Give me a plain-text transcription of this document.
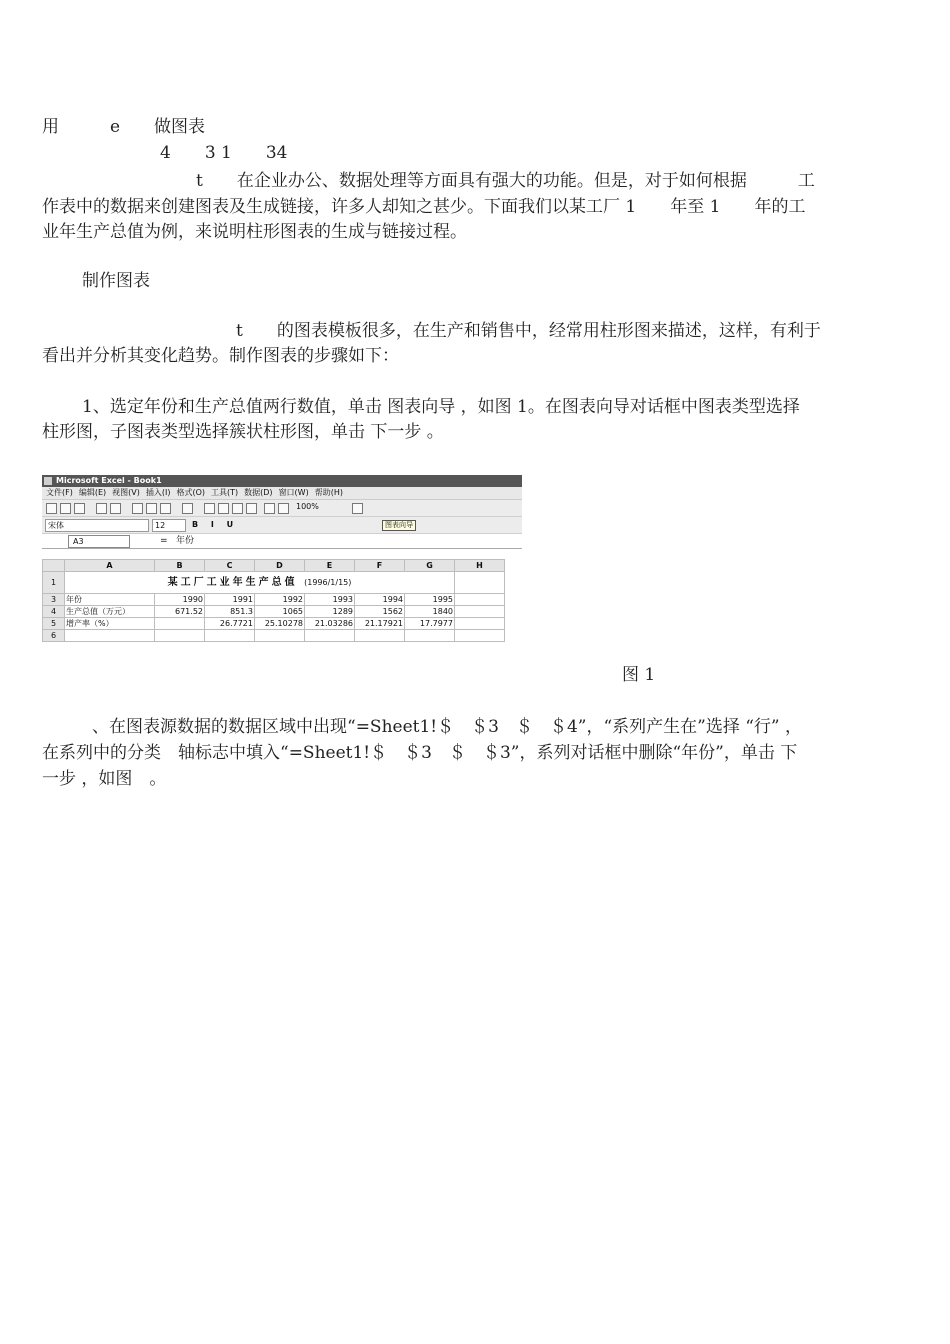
用　　　e　　做图表
4　　3 1　　34
t　　在企业办公、数据处理等方面具有强大的功能。但是，对于如何根据　　　工
作表中的数据来创建图表及生成链接，许多人却知之甚少。下面我们以某工厂 1　　年至 1　　年的工
业年生产总值为例，来说明柱形图表的生成与链接过程。
制作图表
t　　的图表模板很多，在生产和销售中，经常用柱形图来描述，这样，有利于
看出并分析其变化趋势。制作图表的步骤如下：
1、选定年份和生产总值两行数值，单击 图表向导 ，如图 1。在图表向导对话框中图表类型选择
柱形图，子图表类型选择簇状柱形图，单击 下一步 。
Microsoft Excel - Book1
文件(F) 编辑(E) 视图(V) 插入(I) 格式(O) 工具(T) 数据(D) 窗口(W) 帮助(H)
100%
宋体	12	B I U	图表向导
A3	= 年份
	A	B	C	D	E	F	G	H
1	某工厂工业年生产总值 (1996/1/15)							
3	年份	1990	1991	1992	1993	1994	1995	
4	生产总值（万元）	671.52	851.3	1065	1289	1562	1840	
5	增产率（%）		26.7721	25.10278	21.03286	21.17921	17.7977	
6								
图 1
、在图表源数据的数据区域中出现“=Sheet1!＄　＄3　＄　＄4”，“系列产生在”选择 “行” ，
在系列中的分类　轴标志中填入“=Sheet1!＄　＄3　＄　＄3”，系列对话框中删除“年份”，单击 下
一步 ，如图　。
